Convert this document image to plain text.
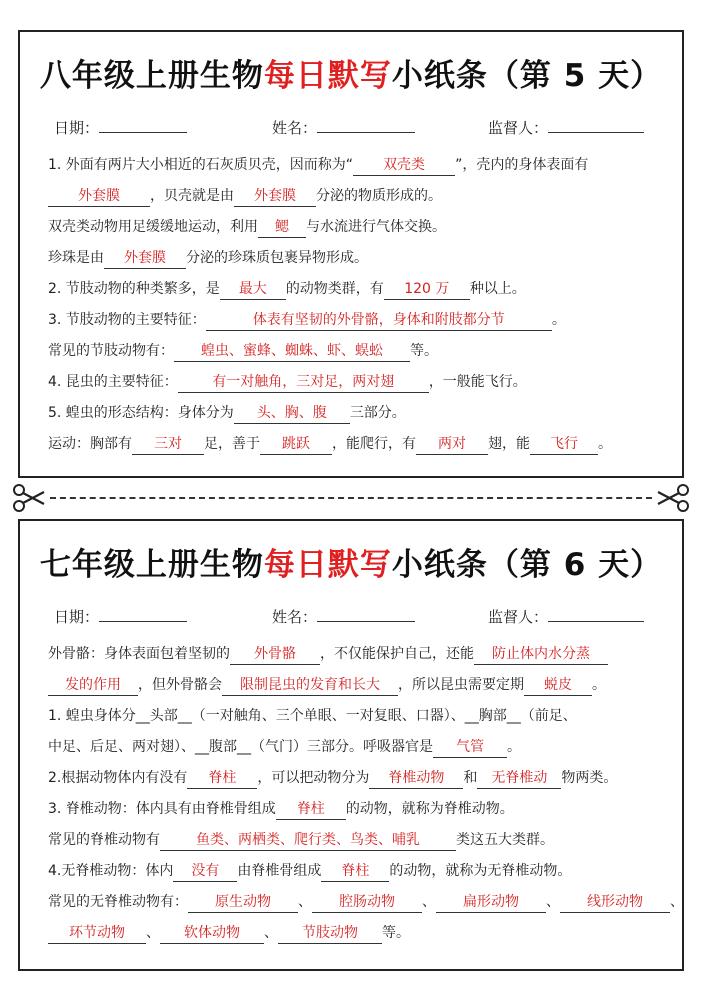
八年级上册生物每日默写小纸条（第 5 天）
日期：	姓名：	监督人：
1. 外面有两片大小相近的石灰质贝壳，因而称为“ 双壳类 ”，壳内的身体表面有
外套膜 ，贝壳就是由 外套膜 分泌的物质形成的。
双壳类动物用足缓缓地运动，利用 鳃 与水流进行气体交换。
珍珠是由 外套膜 分泌的珍珠质包裹异物形成。
2. 节肢动物的种类繁多，是 最大 的动物类群，有 120 万 种以上。
3. 节肢动物的主要特征：	体表有坚韧的外骨骼，身体和附肢都分节	。
常见的节肢动物有： 蝗虫、蜜蜂、蜘蛛、虾、蜈蚣 等。
4. 昆虫的主要特征： 有一对触角，三对足，两对翅 ，一般能飞行。
5. 蝗虫的形态结构：身体分为 头、胸、腹 三部分。
运动：胸部有 三对 足，善于 跳跃 ，能爬行，有 两对 翅，能 飞行 。
七年级上册生物每日默写小纸条（第 6 天）
日期：	姓名：	监督人：
外骨骼：身体表面包着坚韧的 外骨骼 ，不仅能保护自己，还能 防止体内水分蒸
发的作用 ，但外骨骼会 限制昆虫的发育和长大 ，所以昆虫需要定期 蜕皮 。
1. 蝗虫身体分__头部__（一对触角、三个单眼、一对复眼、口器）、__胸部__（前足、
中足、后足、两对翅）、__腹部__（气门）三部分。呼吸器官是 气管 。
2.根据动物体内有没有 脊柱 ，可以把动物分为 脊椎动物 和 无脊椎动 物两类。
3. 脊椎动物：体内具有由脊椎骨组成 脊柱 的动物，就称为脊椎动物。
常见的脊椎动物有	鱼类、两栖类、爬行类、鸟类、哺乳	类这五大类群。
4.无脊椎动物：体内 没有 由脊椎骨组成 脊柱 的动物，就称为无脊椎动物。
常见的无脊椎动物有： 原生动物 、 腔肠动物 、 扁形动物 、 线形动物 、
环节动物 、 软体动物 、 节肢动物 等。
